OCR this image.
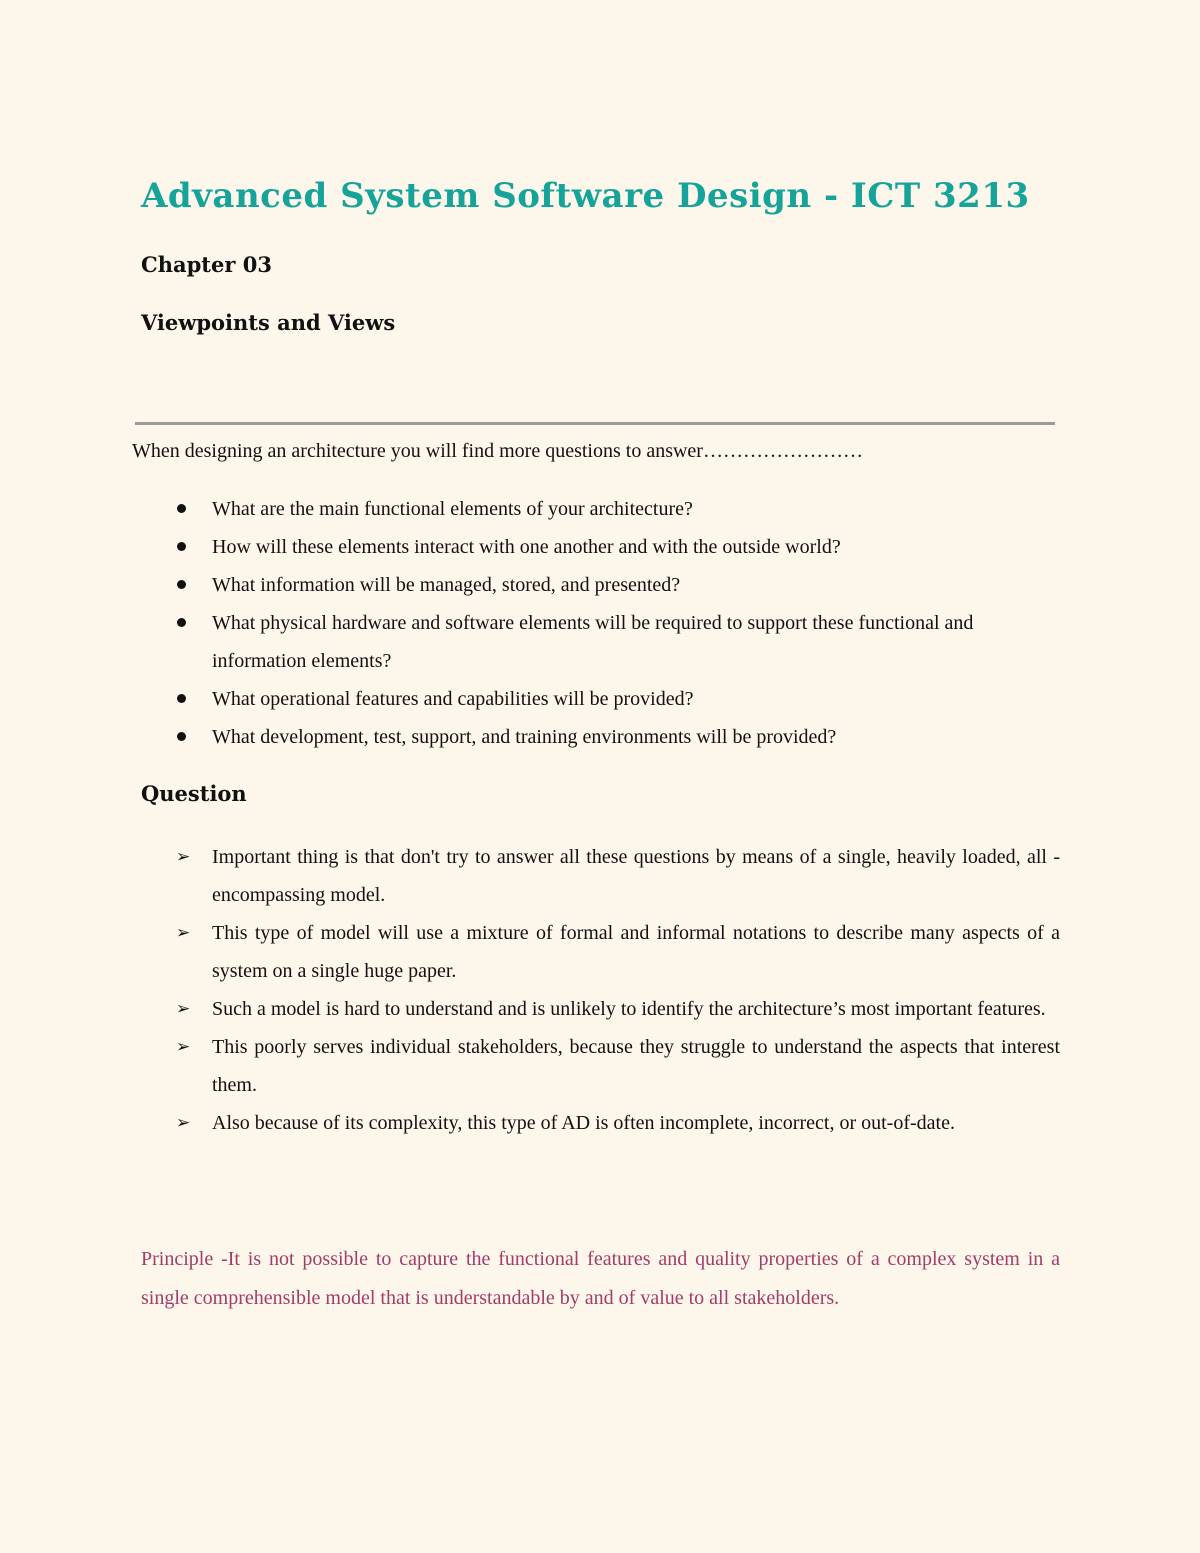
Advanced System Software Design - ICT 3213
Chapter 03
Viewpoints and Views

When designing an architecture you will find more questions to answer……………………

What are the main functional elements of your architecture?
How will these elements interact with one another and with the outside world?
What information will be managed, stored, and presented?
What physical hardware and software elements will be required to support these functional and information elements?
What operational features and capabilities will be provided?
What development, test, support, and training environments will be provided?
Question
➢ Important thing is that don't try to answer all these questions by means of a single, heavily loaded, all - encompassing model.
➢ This type of model will use a mixture of formal and informal notations to describe many aspects of a system on a single huge paper.
➢ Such a model is hard to understand and is unlikely to identify the architecture’s most important features.
➢ This poorly serves individual stakeholders, because they struggle to understand the aspects that interest them.
➢ Also because of its complexity, this type of AD is often incomplete, incorrect, or out-of-date.

Principle -It is not possible to capture the functional features and quality properties of a complex system in a single comprehensible model that is understandable by and of value to all stakeholders.
